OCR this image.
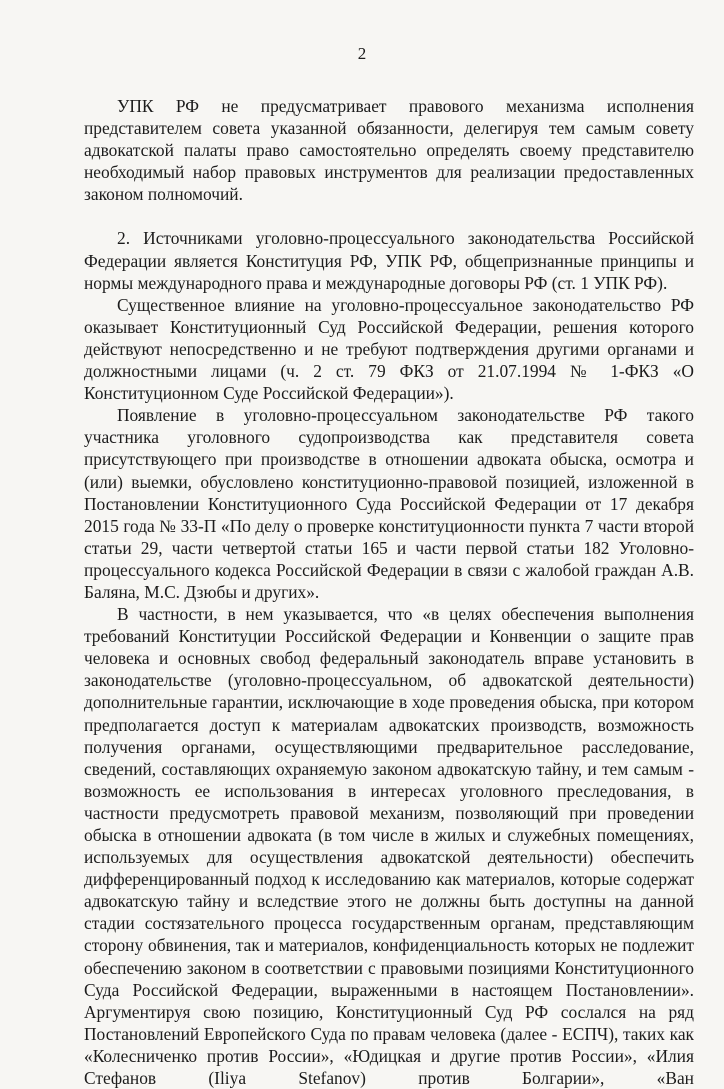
2

УПК РФ не предусматривает правового механизма исполнения представителем совета указанной обязанности, делегируя тем самым совету адвокатской палаты право самостоятельно определять своему представителю необходимый набор правовых инструментов для реализации предоставленных законом полномочий.

2. Источниками уголовно-процессуального законодательства Российской Федерации является Конституция РФ, УПК РФ, общепризнанные принципы и нормы международного права и международные договоры РФ (ст. 1 УПК РФ).

Существенное влияние на уголовно-процессуальное законодательство РФ оказывает Конституционный Суд Российской Федерации, решения которого действуют непосредственно и не требуют подтверждения другими органами и должностными лицами (ч. 2 ст. 79 ФКЗ от 21.07.1994 № 1-ФКЗ «О Конституционном Суде Российской Федерации»).

Появление в уголовно-процессуальном законодательстве РФ такого участника уголовного судопроизводства как представителя совета присутствующего при производстве в отношении адвоката обыска, осмотра и (или) выемки, обусловлено конституционно-правовой позицией, изложенной в Постановлении Конституционного Суда Российской Федерации от 17 декабря 2015 года № 33-П «По делу о проверке конституционности пункта 7 части второй статьи 29, части четвертой статьи 165 и части первой статьи 182 Уголовно-процессуального кодекса Российской Федерации в связи с жалобой граждан А.В. Баляна, М.С. Дзюбы и других».

В частности, в нем указывается, что «в целях обеспечения выполнения требований Конституции Российской Федерации и Конвенции о защите прав человека и основных свобод федеральный законодатель вправе установить в законодательстве (уголовно-процессуальном, об адвокатской деятельности) дополнительные гарантии, исключающие в ходе проведения обыска, при котором предполагается доступ к материалам адвокатских производств, возможность получения органами, осуществляющими предварительное расследование, сведений, составляющих охраняемую законом адвокатскую тайну, и тем самым - возможность ее использования в интересах уголовного преследования, в частности предусмотреть правовой механизм, позволяющий при проведении обыска в отношении адвоката (в том числе в жилых и служебных помещениях, используемых для осуществления адвокатской деятельности) обеспечить дифференцированный подход к исследованию как материалов, которые содержат адвокатскую тайну и вследствие этого не должны быть доступны на данной стадии состязательного процесса государственным органам, представляющим сторону обвинения, так и материалов, конфиденциальность которых не подлежит обеспечению законом в соответствии с правовыми позициями Конституционного Суда Российской Федерации, выраженными в настоящем Постановлении». Аргументируя свою позицию, Конституционный Суд РФ сослался на ряд Постановлений Европейского Суда по правам человека (далее - ЕСПЧ), таких как «Колесниченко против России», «Юдицкая и другие против России», «Илия Стефанов (Iliya Stefanov) против Болгарии», «Ван
